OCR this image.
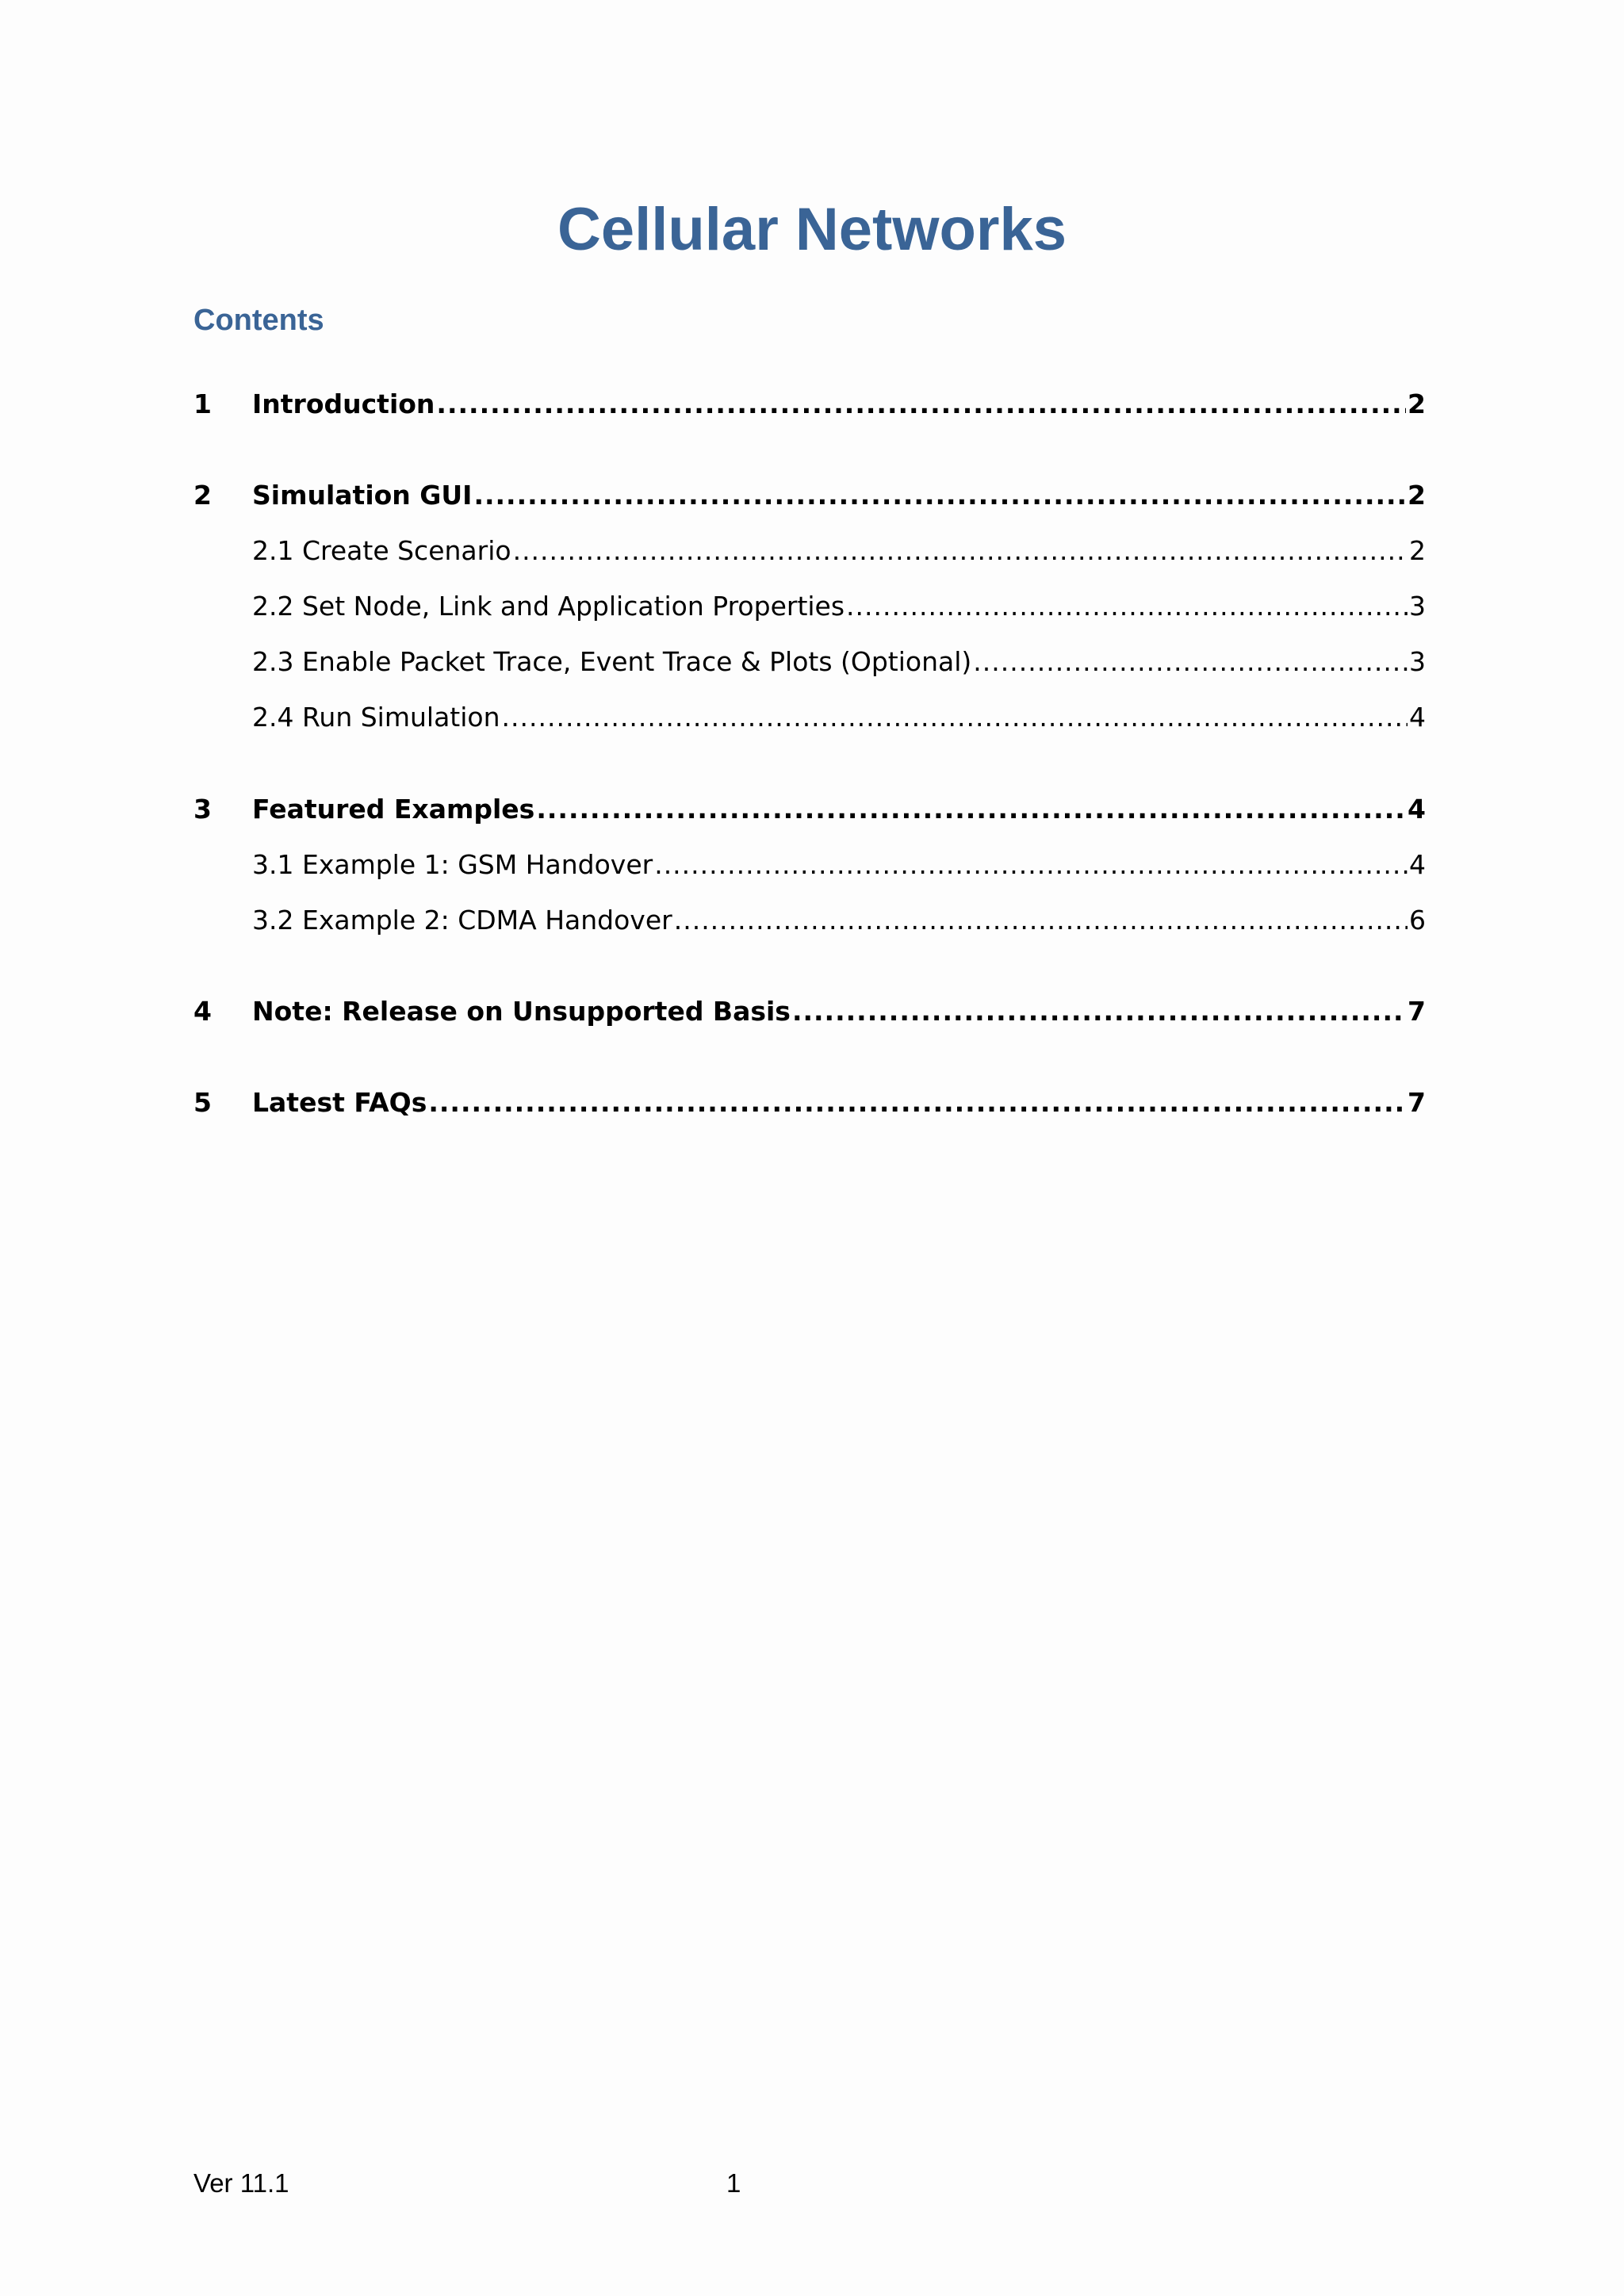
Cellular Networks
Contents
1	Introduction .....	2
2	Simulation GUI .....	2
2.1 Create Scenario .....	2
2.2 Set Node, Link and Application Properties .....	3
2.3 Enable Packet Trace, Event Trace & Plots (Optional) .....	3
2.4 Run Simulation .....	4
3	Featured Examples .....	4
3.1 Example 1: GSM Handover .....	4
3.2 Example 2: CDMA Handover .....	6
4	Note: Release on Unsupported Basis .....	7
5	Latest FAQs .....	7
Ver 11.1	1
